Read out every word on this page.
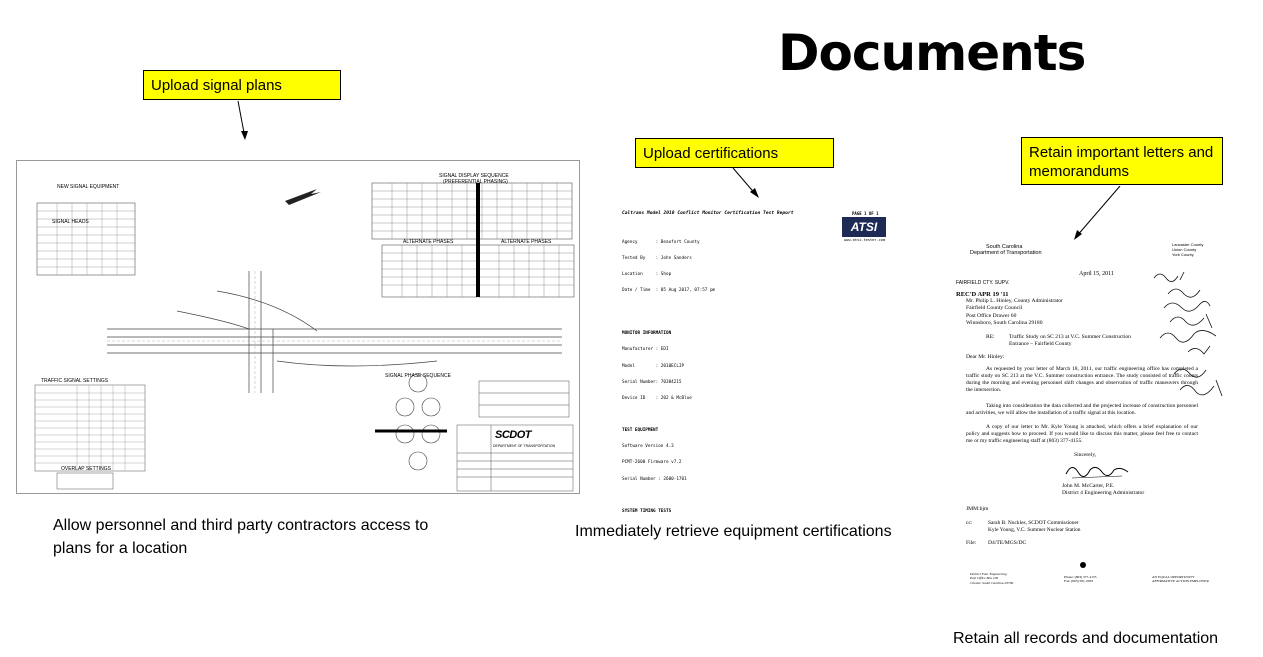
Documents
Upload signal plans
Upload certifications	Retain important letters and memorandums
NEW SIGNAL EQUIPMENT
SIGNAL HEADS
SIGNAL DISPLAY SEQUENCE
(PREFERENTIAL PHASING)
ALTERNATE PHASES	ALTERNATE PHASES
TRAFFIC SIGNAL SETTINGS
SIGNAL PHASE SEQUENCE
OVERLAP SETTINGS
SCDOT
DEPARTMENT OF TRANSPORTATION
Caltrans Model 2010 Conflict Monitor Certification Test Report	PAGE 1 OF 1
ATSI
www.atsi-tester.com

Agency       : Beaufort County

Tested By    : John Sanders

Location     : Shop

Date / Time  : 05 Aug 2017, 07:57 pm

MONITOR INFORMATION

Manufacturer : EDI

Model        : 2010ECLIP

Serial Number: 70384215

Device ID    : 202 & McBlue

TEST EQUIPMENT

Software Version 4.3

PCMT-2600 Firmware v7.2

Serial Number : 2600-1701

SYSTEM TIMING TESTS

South Carolina
Department of Transportation
Lancaster County
Union County
York County
April 15, 2011
FAIRFIELD CTY. SUPV.
REC'D APR 19 '11
Mr. Philip L. Hinley, County Administrator
Fairfield County Council
Post Office Drawer 60
Winnsboro, South Carolina 29180
RE:	Traffic Study on SC 213 at V.C. Summer Construction Entrance – Fairfield County
Dear Mr. Hinley:
As requested by your letter of March 18, 2011, our traffic engineering office has completed a traffic study on SC 213 at the V.C. Summer construction entrance. The study consisted of traffic counts during the morning and evening personnel shift changes and observation of traffic maneuvers through the intersection.
Taking into consideration the data collected and the projected increase of construction personnel and activities, we will allow the installation of a traffic signal at this location.
A copy of our letter to Mr. Kyle Young is attached, which offers a brief explanation of our policy and suggests how to proceed. If you would like to discuss this matter, please feel free to contact me or my traffic engineering staff at (803) 377-4155.
Sincerely,
John M. McCarter, P.E.
District 4 Engineering Administrator
JMM:bjm
cc:	Sarah B. Nuckles, SCDOT Commissioner
Kyle Young, V.C. Summer Nuclear Station
File: D4/TE/MGS/DC
District Four Engineering
Post Office Box 100
Chester, South Carolina 29706
Phone: (803) 377-4155
Fax: (803) 581-2059
AN EQUAL OPPORTUNITY
AFFIRMATIVE ACTION EMPLOYER
Allow personnel and third party contractors access to plans for a location
Immediately retrieve equipment certifications
Retain all records and documentation
